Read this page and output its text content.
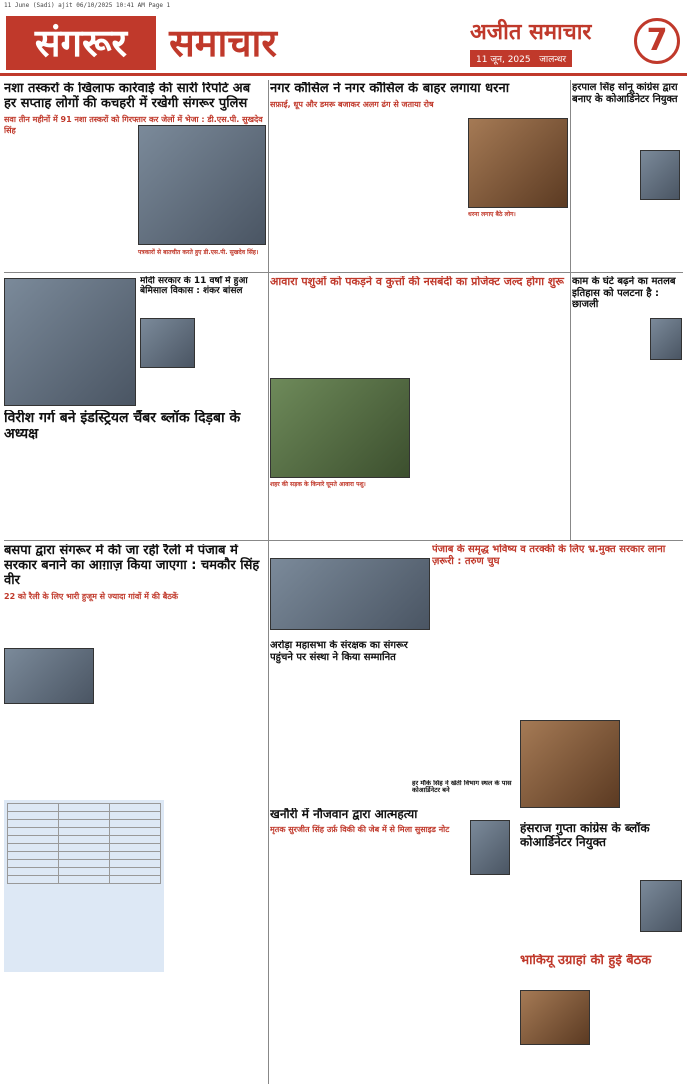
11 June (Sadi) ajit 06/10/2025 10:41 AM Page 1
संगरूर	समाचार	अजीत समाचार
11 जून, 2025 जालन्धर
7
नशा तस्करों के खिलाफ कार्रवाई की सारी रिपोर्ट अब हर सप्ताह लोगों की कचहरी में रखेगी संगरूर पुलिस
सवा तीन महीनों में 91 नशा तस्करों को गिरफ्तार कर जेलों में भेजा : डी.एस.पी. सुखदेव सिंह
पत्रकारों से बातचीत करते हुए डी.एस.पी. सुखदेव सिंह।
नगर कौंसिल ने नगर कौंसिल के बाहर लगाया धरना
सफ़ाई, धूप और डमरू बजाकर अलग ढंग से जताया रोष
धरना लगाए बैठे लोग।
हरपाल सिंह सोनू कांग्रेस द्वारा बनाए के कोआर्डिनेटर नियुक्त
मोदी सरकार के 11 वर्षों में हुआ बेमिसाल विकास : शंकर बांसल
आवारा पशुओं को पकड़ने व कुत्तों की नसबंदी का प्रोजेक्ट जल्द होगा शुरू
शहर की सड़क के किनारे घूमते आवारा पशु।
काम के घंटे बढ़ने का मतलब इतिहास को पलटना है : छाजली
विरीश गर्ग बने इंडस्ट्रियल चैंबर ब्लॉक दिड़बा के अध्यक्ष
बसपा द्वारा संगरूर में की जा रही रैली में पंजाब में सरकार बनाने का आग़ाज़ किया जाएगा : चमकौर सिंह वीर
22 को रैली के लिए भारी हुजूम से ज्यादा गांवों में की बैठकें

पंजाब के समृद्ध भविष्य व तरक्की के लिए भ्र.मुक्त सरकार लाना ज़रूरी : तरुण चुघ
अरोड़ा महासभा के संरक्षक का संगरूर पहुंचने पर संस्था ने किया सम्मानित
खनौरी में नौजवान द्वारा आत्महत्या
मृतक सुरजीत सिंह उर्फ़ विकी की जेब में से मिला सुसाइड नोट
हर मौके सिंह ने खेती विभाग स्थल के पास कोआर्डिनेटर बने
हंसराज गुप्ता कांग्रेस के ब्लॉक कोआर्डिनेटर नियुक्त
भाकियू उग्राहां की हुई बैठक
